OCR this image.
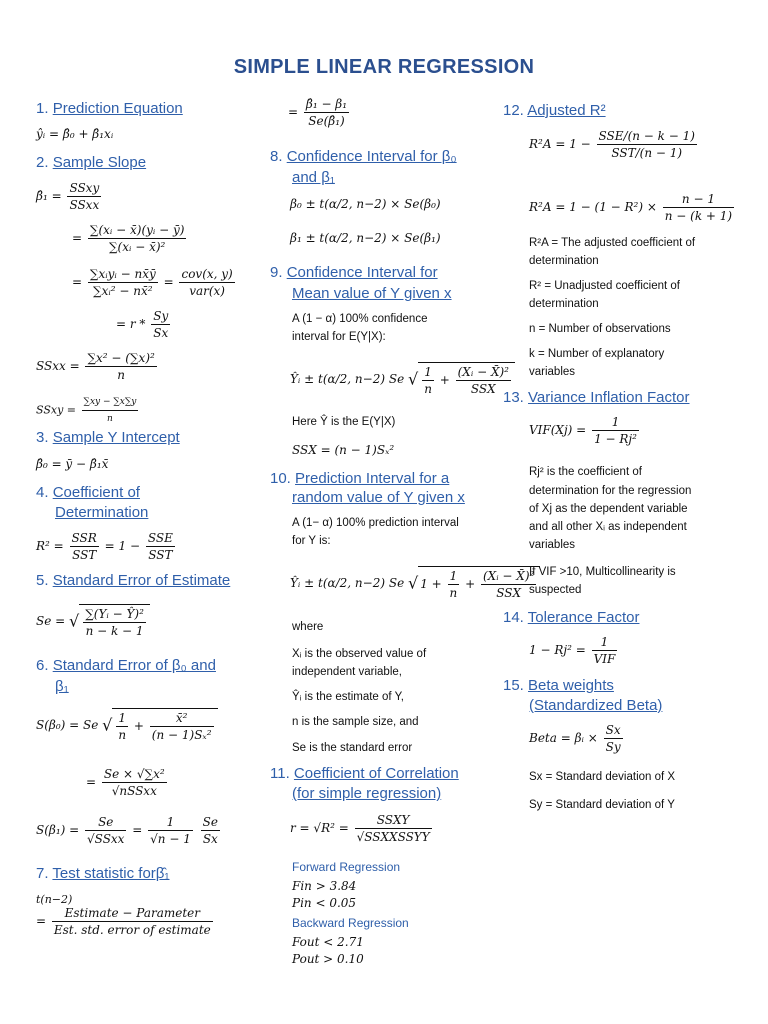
SIMPLE LINEAR REGRESSION
1. Prediction Equation
ŷᵢ = β̂₀ + β̂₁xᵢ
2. Sample Slope
β̂₁ =
SSxy
SSxx
= $\frac{\text{∑(xᵢ − x̄)(yᵢ − ȳ)}}{\text{∑(xᵢ − x̄)²}}$
=
∑xᵢyᵢ − nx̄ȳ
∑xᵢ² − nx̄²
=
cov(x, y)
var(x)
= r * $\frac{Sy}{Sx}$
SSxx = $\frac{\text{∑x² − (∑x)²}}{n}$
SSxy = $\frac{\sum xy - \sum x\sum y}{n}$
3. Sample Y Intercept
β̂₀ = ȳ − β̂₁x̄
4. Coefficient of
Determination
R² =
SSR
SST
= 1 −
SSE
SST
5. Standard Error of Estimate
Se = √ $\frac{\text{∑(Yᵢ − Ŷ)²}}{n - k - 1}$
6. Standard Error of β₀ and
β₁
S(β₀) = Se √ $\frac{1}{n} + \frac{\text{x̄²}}{\text{(n − 1)Sₓ²}}$
=
Se × √∑x²
√nSSxx
S(β₁) =
Se
√SSxx
= $\frac{1}{√n - 1}$
$\frac{Se}{Sx}$
7. Test statistic forβ̂₁
t(n−2)
=
Estimate − Parameter
Est. std. error of estimate
= $\frac{\text{β̂₁ − β₁}}{\text{Se(β̂₁)}}$
8. Confidence Interval for β₀
and β₁
β₀ ± t(α/2, n−2) × Se(β₀)
β₁ ± t(α/2, n−2) × Se(β₁)
9. Confidence Interval for
Mean value of Y given x
A (1 − α) 100% confidence
interval for E(Y|X):
Ŷᵢ ± t(α/2, n−2) Se √ $\frac{1}{n}$ +
(Xᵢ − X̄)²
SSX
Here Ŷ is the E(Y|X)
SSX = (n − 1)Sₓ²
10. Prediction Interval for a
random value of Y given x
A (1− α) 100% prediction interval
for Y is:
Ŷᵢ ± t(α/2, n−2) Se √ $1 + \frac{1}{n}$ +
(Xᵢ − X̄)²
SSX
where
Xᵢ is the observed value of
independent variable,
Ŷᵢ is the estimate of Y,
n is the sample size, and
Se is the standard error
11. Coefficient of Correlation
(for simple regression)
r = √R² =
SSXY
√SSXXSSYY
Forward Regression
Fin > 3.84
Pin < 0.05
Backward Regression
Fout < 2.71
Pout > 0.10
12. Adjusted R²
R²A = 1 −
SSE/(n − k − 1)
SST/(n − 1)
$R^2A = 1 - (1 - R^2) \times \frac{n - 1}{n - (k + 1)}$
R²A = The adjusted coefficient of
determination
R² = Unadjusted coefficient of
determination
n = Number of observations
k = Number of explanatory
variables
13. Variance Inflation Factor
$VIF(Xj) = \frac{1}{\text{1 − Rj²}}$
Rj² is the coefficient of
determination for the regression
of Xj as the dependent variable
and all other Xᵢ as independent
variables
If VIF >10, Multicollinearity is
suspected
14. Tolerance Factor
1 − Rj² =
1
VIF
15. Beta weights
(Standardized Beta)
Beta = βᵢ × $\frac{Sx}{Sy}$
Sx = Standard deviation of X
Sy = Standard deviation of Y
